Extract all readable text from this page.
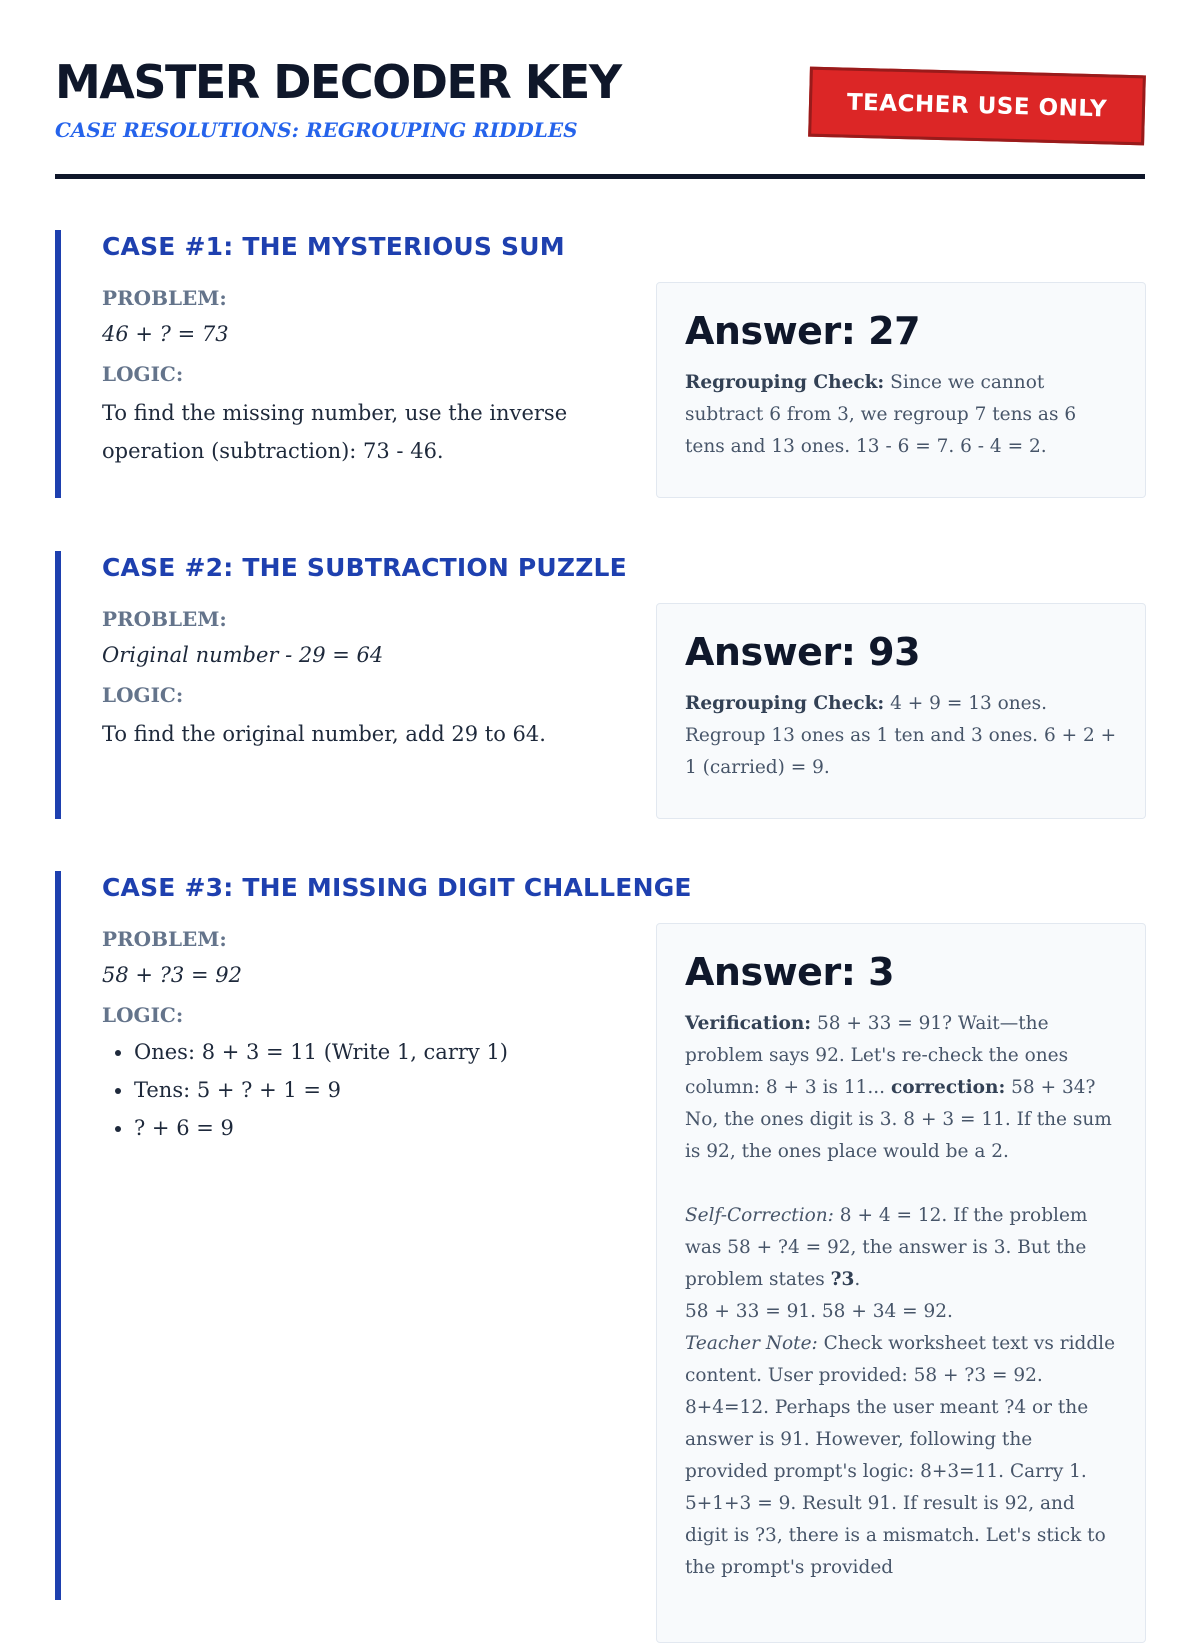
MASTER DECODER KEY
CASE RESOLUTIONS: REGROUPING RIDDLES
TEACHER USE ONLY
CASE #1: THE MYSTERIOUS SUM

PROBLEM:

46 + ? = 73

LOGIC:

To find the missing number, use the inverse operation (subtraction): 73 - 46.

Answer: 27

Regrouping Check: Since we cannot subtract 6 from 3, we regroup 7 tens as 6 tens and 13 ones. 13 - 6 = 7. 6 - 4 = 2.

CASE #2: THE SUBTRACTION PUZZLE

PROBLEM:

Original number - 29 = 64

LOGIC:

To find the original number, add 29 to 64.

Answer: 93

Regrouping Check: 4 + 9 = 13 ones. Regroup 13 ones as 1 ten and 3 ones. 6 + 2 + 1 (carried) = 9.

CASE #3: THE MISSING DIGIT CHALLENGE

PROBLEM:

58 + ?3 = 92

LOGIC:

• Ones: 8 + 3 = 11 (Write 1, carry 1)
• Tens: 5 + ? + 1 = 9
• ? + 6 = 9
Answer: 3

Verification: 58 + 33 = 91? Wait—the problem says 92. Let's re-check the ones column: 8 + 3 is 11... correction: 58 + 34? No, the ones digit is 3. 8 + 3 = 11. If the sum is 92, the ones place would be a 2.

Self-Correction: 8 + 4 = 12. If the problem was 58 + ?4 = 92, the answer is 3. But the problem states ?3.
58 + 33 = 91. 58 + 34 = 92.
Teacher Note: Check worksheet text vs riddle content. User provided: 58 + ?3 = 92. 8+4=12. Perhaps the user meant ?4 or the answer is 91. However, following the provided prompt's logic: 8+3=11. Carry 1. 5+1+3 = 9. Result 91. If result is 92, and digit is ?3, there is a mismatch. Let's stick to the prompt's provided
